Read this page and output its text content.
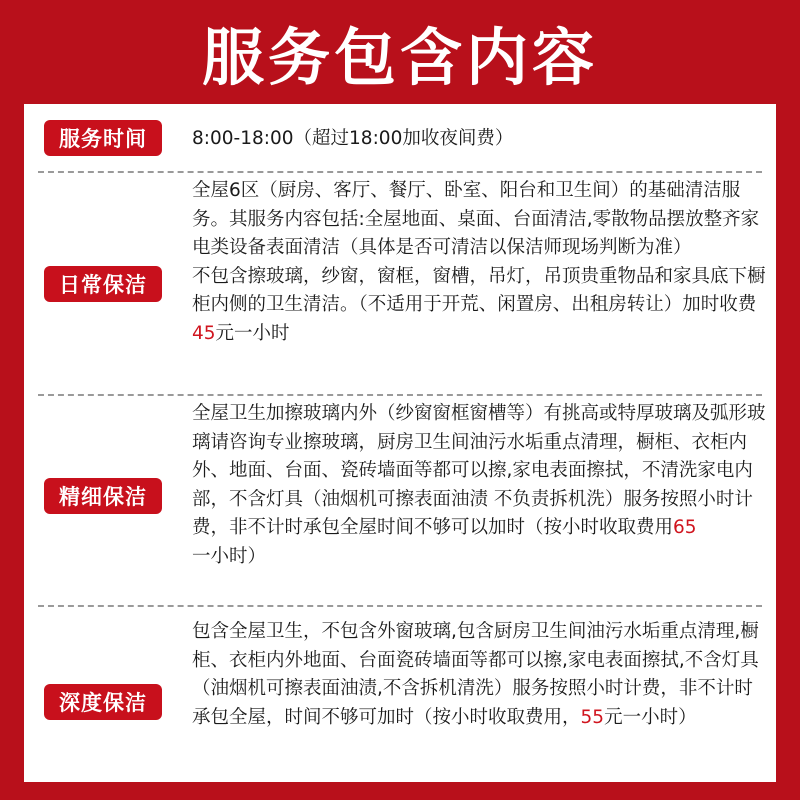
服务包含内容
服务时间	8:00-18:00（超过18:00加收夜间费）
日常保洁
全屋6区（厨房、客厅、餐厅、卧室、阳台和卫生间）的基础清洁服务。其服务内容包括:全屋地面、桌面、台面清洁,零散物品摆放整齐家电类设备表面清洁（具体是否可清洁以保洁师现场判断为准）
不包含擦玻璃，纱窗，窗框，窗槽，吊灯，吊顶贵重物品和家具底下橱柜内侧的卫生清洁。（不适用于开荒、闲置房、出租房转让）加时收费45元一小时
精细保洁
全屋卫生加擦玻璃内外（纱窗窗框窗槽等）有挑高或特厚玻璃及弧形玻璃请咨询专业擦玻璃，厨房卫生间油污水垢重点清理，橱柜、衣柜内外、地面、台面、瓷砖墙面等都可以擦,家电表面擦拭，不清洗家电内部，不含灯具（油烟机可擦表面油渍 不负责拆机洗）服务按照小时计费，非不计时承包全屋时间不够可以加时（按小时收取费用65一小时）
深度保洁
包含全屋卫生，不包含外窗玻璃,包含厨房卫生间油污水垢重点清理,橱柜、衣柜内外地面、台面瓷砖墙面等都可以擦,家电表面擦拭,不含灯具（油烟机可擦表面油渍,不含拆机清洗）服务按照小时计费，非不计时承包全屋，时间不够可加时（按小时收取费用，55元一小时）
